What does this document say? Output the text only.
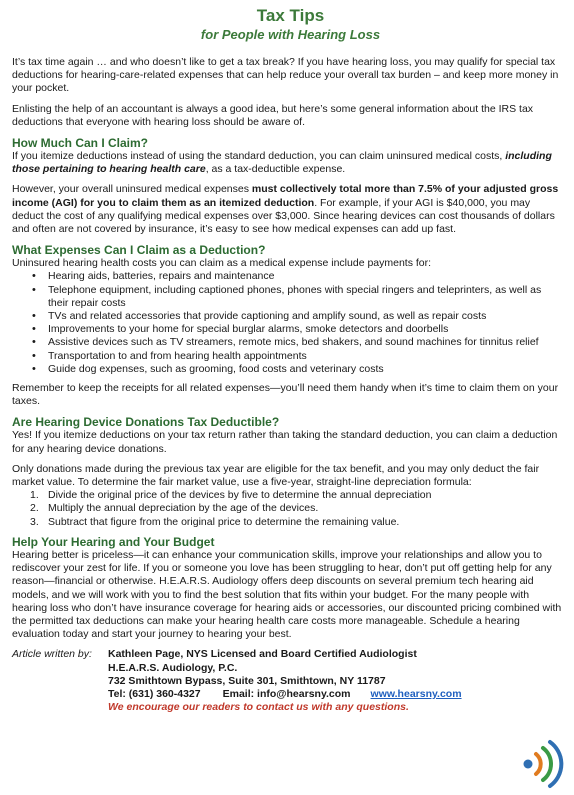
Tax Tips
for People with Hearing Loss

It’s tax time again … and who doesn’t like to get a tax break? If you have hearing loss, you may qualify for special tax deductions for hearing-care-related expenses that can help reduce your overall tax burden – and keep more money in your pocket.

Enlisting the help of an accountant is always a good idea, but here’s some general information about the IRS tax deductions that everyone with hearing loss should be aware of.

How Much Can I Claim?

If you itemize deductions instead of using the standard deduction, you can claim uninsured medical costs, including those pertaining to hearing health care, as a tax-deductible expense.

However, your overall uninsured medical expenses must collectively total more than 7.5% of your adjusted gross income (AGI) for you to claim them as an itemized deduction. For example, if your AGI is $40,000, you may deduct the cost of any qualifying medical expenses over $3,000. Since hearing devices can cost thousands of dollars and often are not covered by insurance, it’s easy to see how medical expenses can add up fast.

What Expenses Can I Claim as a Deduction?
Uninsured hearing health costs you can claim as a medical expense include payments for:
• Hearing aids, batteries, repairs and maintenance
• Telephone equipment, including captioned phones, phones with special ringers and teleprinters, as well as their repair costs
• TVs and related accessories that provide captioning and amplify sound, as well as repair costs
• Improvements to your home for special burglar alarms, smoke detectors and doorbells
• Assistive devices such as TV streamers, remote mics, bed shakers, and sound machines for tinnitus relief
• Transportation to and from hearing health appointments
• Guide dog expenses, such as grooming, food costs and veterinary costs

Remember to keep the receipts for all related expenses—you’ll need them handy when it’s time to claim them on your taxes.

Are Hearing Device Donations Tax Deductible?

Yes! If you itemize deductions on your tax return rather than taking the standard deduction, you can claim a deduction for any hearing device donations.

Only donations made during the previous tax year are eligible for the tax benefit, and you may only deduct the fair market value. To determine the fair market value, use a five-year, straight-line depreciation formula:
1. Divide the original price of the devices by five to determine the annual depreciation
2. Multiply the annual depreciation by the age of the devices.
3. Subtract that figure from the original price to determine the remaining value.
Help Your Hearing and Your Budget

Hearing better is priceless—it can enhance your communication skills, improve your relationships and allow you to rediscover your zest for life. If you or someone you love has been struggling to hear, don’t put off getting help for any reason—financial or otherwise. H.E.A.R.S. Audiology offers deep discounts on several premium tech hearing aid models, and we will work with you to find the best solution that fits within your budget. For the many people with hearing loss who don’t have insurance coverage for hearing aids or accessories, our discounted pricing combined with the permitted tax deductions can make your hearing health care costs more manageable. Schedule a hearing evaluation today and start your journey to hearing your best.

Article written by:	Kathleen Page, NYS Licensed and Board Certified Audiologist
H.E.A.R.S. Audiology, P.C.
732 Smithtown Bypass, Suite 301, Smithtown, NY 11787
Tel: (631) 360-4327 Email: info@hearsny.com www.hearsny.com
We encourage our readers to contact us with any questions.
